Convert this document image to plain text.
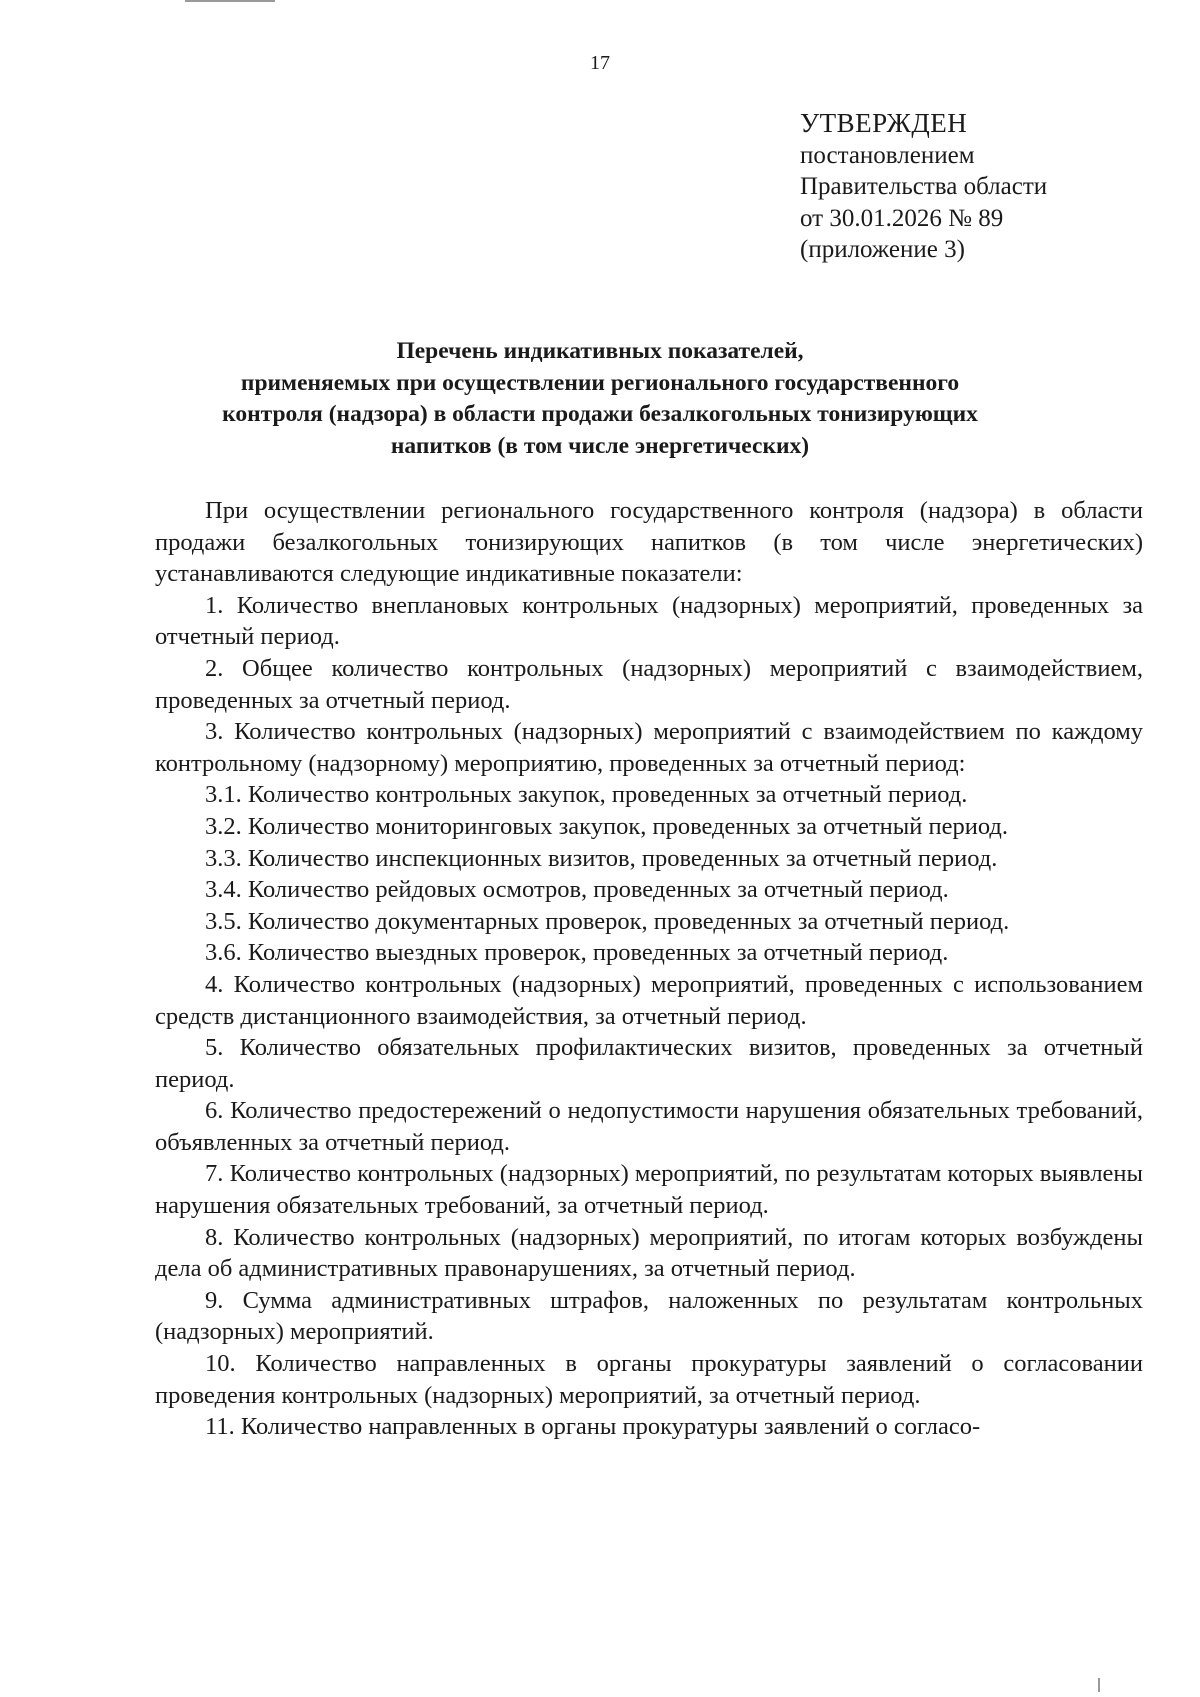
17
УТВЕРЖДЕН
постановлением
Правительства области
от 30.01.2026 № 89
(приложение 3)
Перечень индикативных показателей,
применяемых при осуществлении регионального государственного
контроля (надзора) в области продажи безалкогольных тонизирующих
напитков (в том числе энергетических)

При осуществлении регионального государственного контроля (надзора) в области продажи безалкогольных тонизирующих напитков (в том числе энергетических) устанавливаются следующие индикативные показатели:

1. Количество внеплановых контрольных (надзорных) мероприятий, проведенных за отчетный период.

2. Общее количество контрольных (надзорных) мероприятий с взаимодействием, проведенных за отчетный период.

3. Количество контрольных (надзорных) мероприятий с взаимодействием по каждому контрольному (надзорному) мероприятию, проведенных за отчетный период:

3.1. Количество контрольных закупок, проведенных за отчетный период.

3.2. Количество мониторинговых закупок, проведенных за отчетный период.

3.3. Количество инспекционных визитов, проведенных за отчетный период.

3.4. Количество рейдовых осмотров, проведенных за отчетный период.

3.5. Количество документарных проверок, проведенных за отчетный период.

3.6. Количество выездных проверок, проведенных за отчетный период.

4. Количество контрольных (надзорных) мероприятий, проведенных с использованием средств дистанционного взаимодействия, за отчетный период.

5. Количество обязательных профилактических визитов, проведенных за отчетный период.

6. Количество предостережений о недопустимости нарушения обязательных требований, объявленных за отчетный период.

7. Количество контрольных (надзорных) мероприятий, по результатам которых выявлены нарушения обязательных требований, за отчетный период.

8. Количество контрольных (надзорных) мероприятий, по итогам которых возбуждены дела об административных правонарушениях, за отчетный период.

9. Сумма административных штрафов, наложенных по результатам контрольных (надзорных) мероприятий.

10. Количество направленных в органы прокуратуры заявлений о согласовании проведения контрольных (надзорных) мероприятий, за отчетный период.

11. Количество направленных в органы прокуратуры заявлений о согласо-
